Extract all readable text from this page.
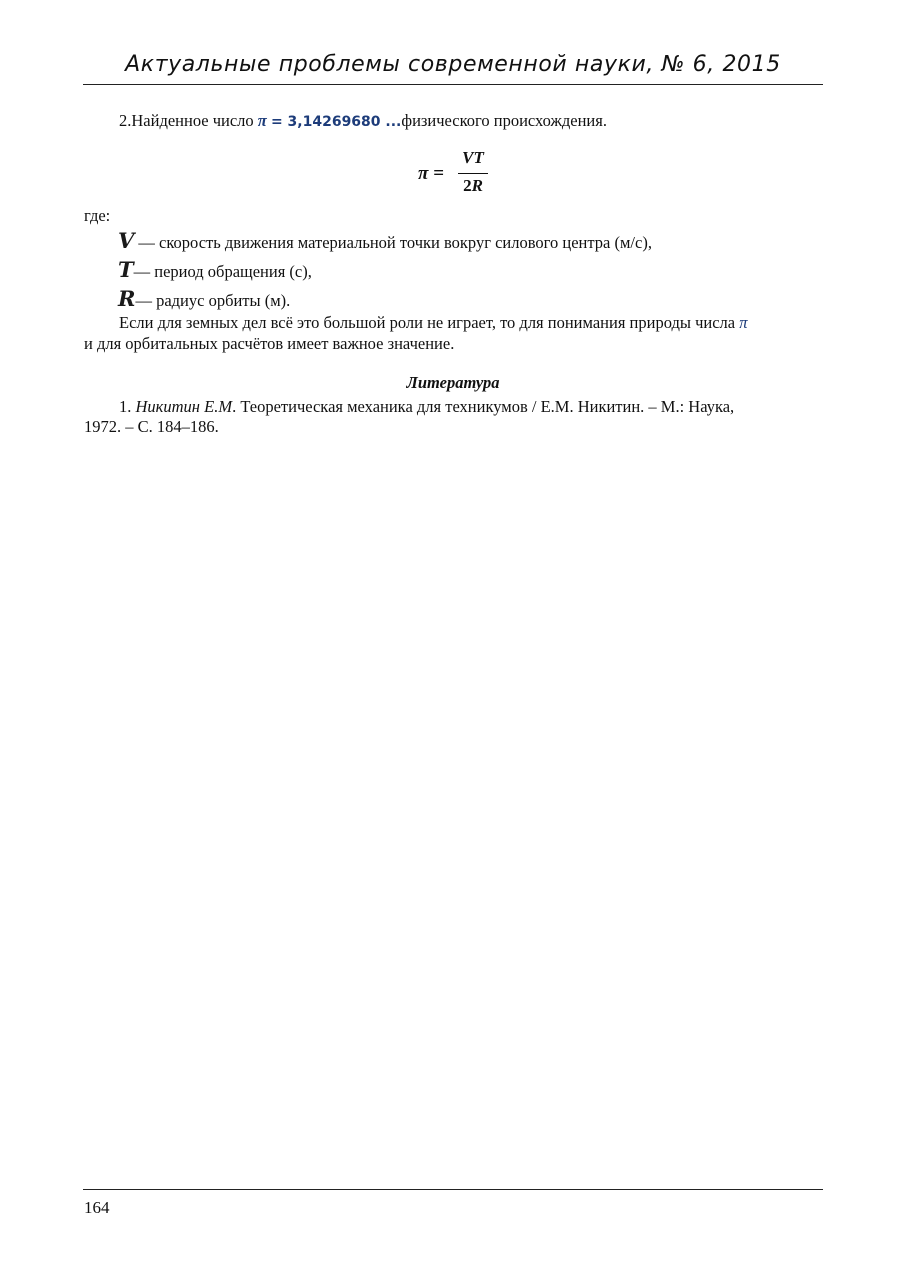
Актуальные проблемы современной науки, № 6, 2015
2.Найденное число π = 3,14269680 ...физического происхождения.
π =
VT
2R
где:
V — скорость движения материальной точки вокруг силового центра (м/с),
T— период обращения (с),
R— радиус орбиты (м).
Если для земных дел всё это большой роли не играет, то для понимания природы числа π
и для орбитальных расчётов имеет важное значение.
Литература
1. Никитин Е.М. Теоретическая механика для техникумов / Е.М. Никитин. – М.: Наука,
1972. – С. 184–186.
164
